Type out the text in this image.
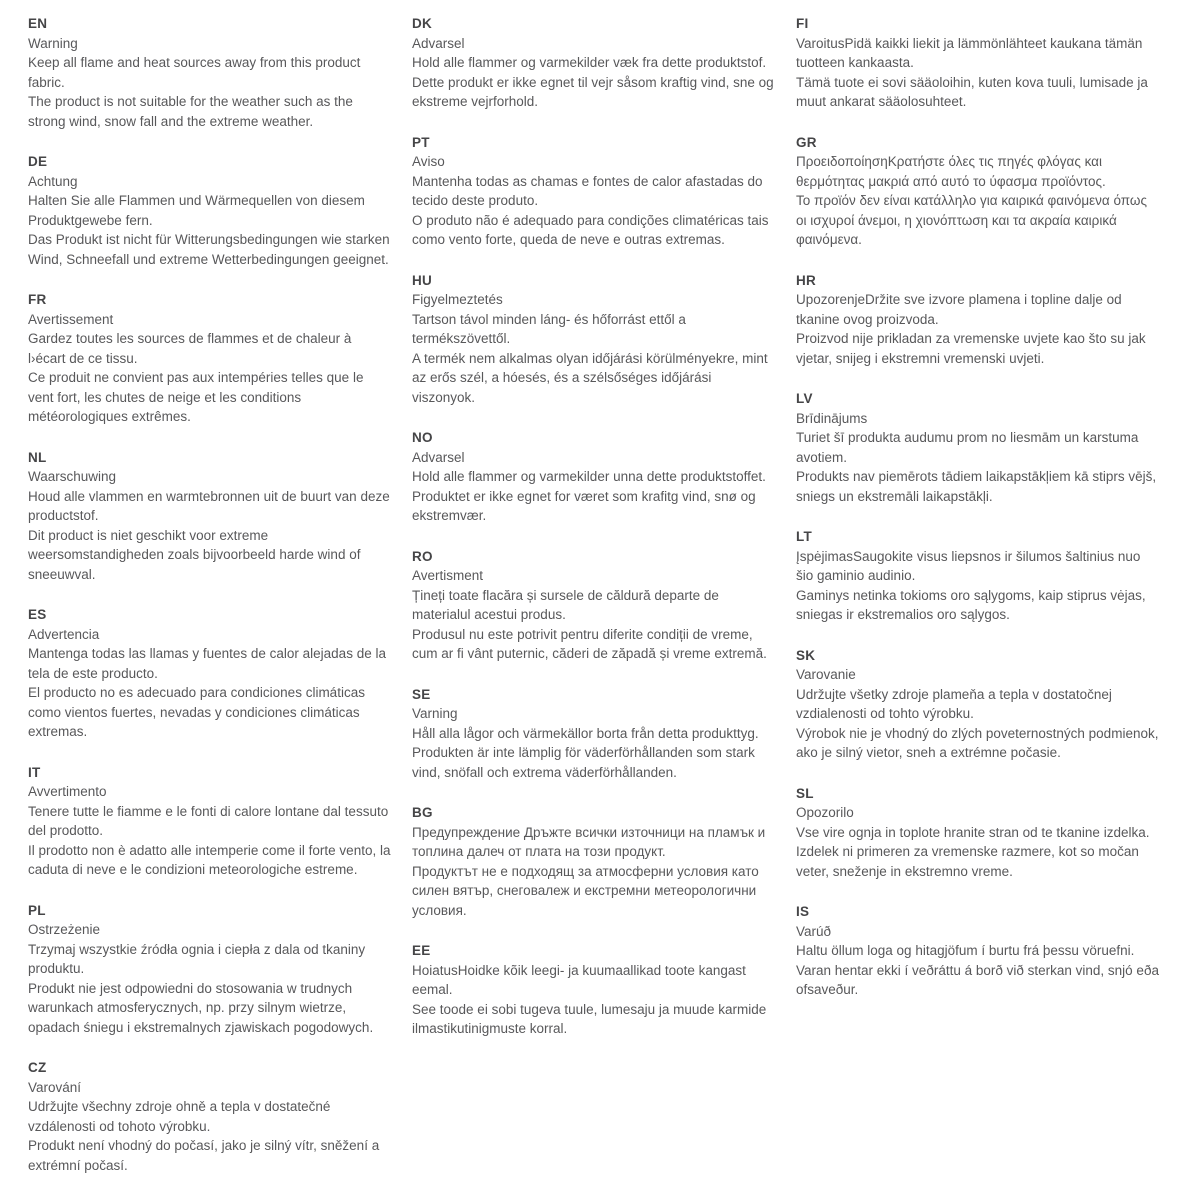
EN

Warning

Keep all flame and heat sources away from this product fabric.

The product is not suitable for the weather such as the strong wind, snow fall and the extreme weather.

DE

Achtung

Halten Sie alle Flammen und Wärmequellen von diesem Produktgewebe fern.

Das Produkt ist nicht für Witterungsbedingungen wie starken Wind, Schneefall und extreme Wetterbedingungen geeignet.

FR

Avertissement

Gardez toutes les sources de flammes et de chaleur à l›écart de ce tissu.

Ce produit ne convient pas aux intempéries telles que le vent fort, les chutes de neige et les conditions météorologiques extrêmes.

NL

Waarschuwing

Houd alle vlammen en warmtebronnen uit de buurt van deze productstof.

Dit product is niet geschikt voor extreme weersomstandigheden zoals bijvoorbeeld harde wind of sneeuwval.

ES

Advertencia

Mantenga todas las llamas y fuentes de calor alejadas de la tela de este producto.

El producto no es adecuado para condiciones climáticas como vientos fuertes, nevadas y condiciones climáticas extremas.

IT

Avvertimento

Tenere tutte le fiamme e le fonti di calore lontane dal tessuto del prodotto.

Il prodotto non è adatto alle intemperie come il forte vento, la caduta di neve e le condizioni meteorologiche estreme.

PL

Ostrzeżenie

Trzymaj wszystkie źródła ognia i ciepła z dala od tkaniny produktu.

Produkt nie jest odpowiedni do stosowania w trudnych warunkach atmosferycznych, np. przy silnym wietrze, opadach śniegu i ekstremalnych zjawiskach pogodowych.

CZ

Varování

Udržujte všechny zdroje ohně a tepla v dostatečné vzdálenosti od tohoto výrobku.

Produkt není vhodný do počasí, jako je silný vítr, sněžení a extrémní počasí.

DK

Advarsel

Hold alle flammer og varmekilder væk fra dette produktstof.

Dette produkt er ikke egnet til vejr såsom kraftig vind, sne og ekstreme vejrforhold.

PT

Aviso

Mantenha todas as chamas e fontes de calor afastadas do tecido deste produto.

O produto não é adequado para condições climatéricas tais como vento forte, queda de neve e outras extremas.

HU

Figyelmeztetés

Tartson távol minden láng- és hőforrást ettől a termékszövettől.

A termék nem alkalmas olyan időjárási körülményekre, mint az erős szél, a hóesés, és a szélsőséges időjárási viszonyok.

NO

Advarsel

Hold alle flammer og varmekilder unna dette produktstoffet.

Produktet er ikke egnet for været som krafitg vind, snø og ekstremvær.

RO

Avertisment

Țineți toate flacăra și sursele de căldură departe de materialul acestui produs.

Produsul nu este potrivit pentru diferite condiții de vreme, cum ar fi vânt puternic, căderi de zăpadă și vreme extremă.

SE

Varning

Håll alla lågor och värmekällor borta från detta produkttyg.

Produkten är inte lämplig för väderförhållanden som stark vind, snöfall och extrema väderförhållanden.

BG

Предупреждение Дръжте всички източници на пламък и топлина далеч от плата на този продукт.

Продуктът не е подходящ за атмосферни условия като силен вятър, снеговалеж и екстремни метеорологични условия.

EE

HoiatusHoidke kõik leegi- ja kuumaallikad toote kangast eemal.

See toode ei sobi tugeva tuule, lumesaju ja muude karmide ilmastikutinigmuste korral.

FI

VaroitusPidä kaikki liekit ja lämmönlähteet kaukana tämän tuotteen kankaasta.

Tämä tuote ei sovi sääoloihin, kuten kova tuuli, lumisade ja muut ankarat sääolosuhteet.

GR

ΠροειδοποίησηΚρατήστε όλες τις πηγές φλόγας και θερμότητας μακριά από αυτό το ύφασμα προϊόντος.

Το προϊόν δεν είναι κατάλληλο για καιρικά φαινόμενα όπως οι ισχυροί άνεμοι, η χιονόπτωση και τα ακραία καιρικά φαινόμενα.

HR

UpozorenjeDržite sve izvore plamena i topline dalje od tkanine ovog proizvoda.

Proizvod nije prikladan za vremenske uvjete kao što su jak vjetar, snijeg i ekstremni vremenski uvjeti.

LV

Brīdinājums

Turiet šī produkta audumu prom no liesmām un karstuma avotiem.

Produkts nav piemērots tādiem laikapstākļiem kā stiprs vējš, sniegs un ekstremāli laikapstākļi.

LT

ĮspėjimasSaugokite visus liepsnos ir šilumos šaltinius nuo šio gaminio audinio.

Gaminys netinka tokioms oro sąlygoms, kaip stiprus vėjas, sniegas ir ekstremalios oro sąlygos.

SK

Varovanie

Udržujte všetky zdroje plameňa a tepla v dostatočnej vzdialenosti od tohto výrobku.

Výrobok nie je vhodný do zlých poveternostných podmienok, ako je silný vietor, sneh a extrémne počasie.

SL

Opozorilo

Vse vire ognja in toplote hranite stran od te tkanine izdelka.

Izdelek ni primeren za vremenske razmere, kot so močan veter, sneženje in ekstremno vreme.

IS

Varúð

Haltu öllum loga og hitagjöfum í burtu frá þessu vöruefni.

Varan hentar ekki í veðráttu á borð við sterkan vind, snjó eða ofsaveður.
